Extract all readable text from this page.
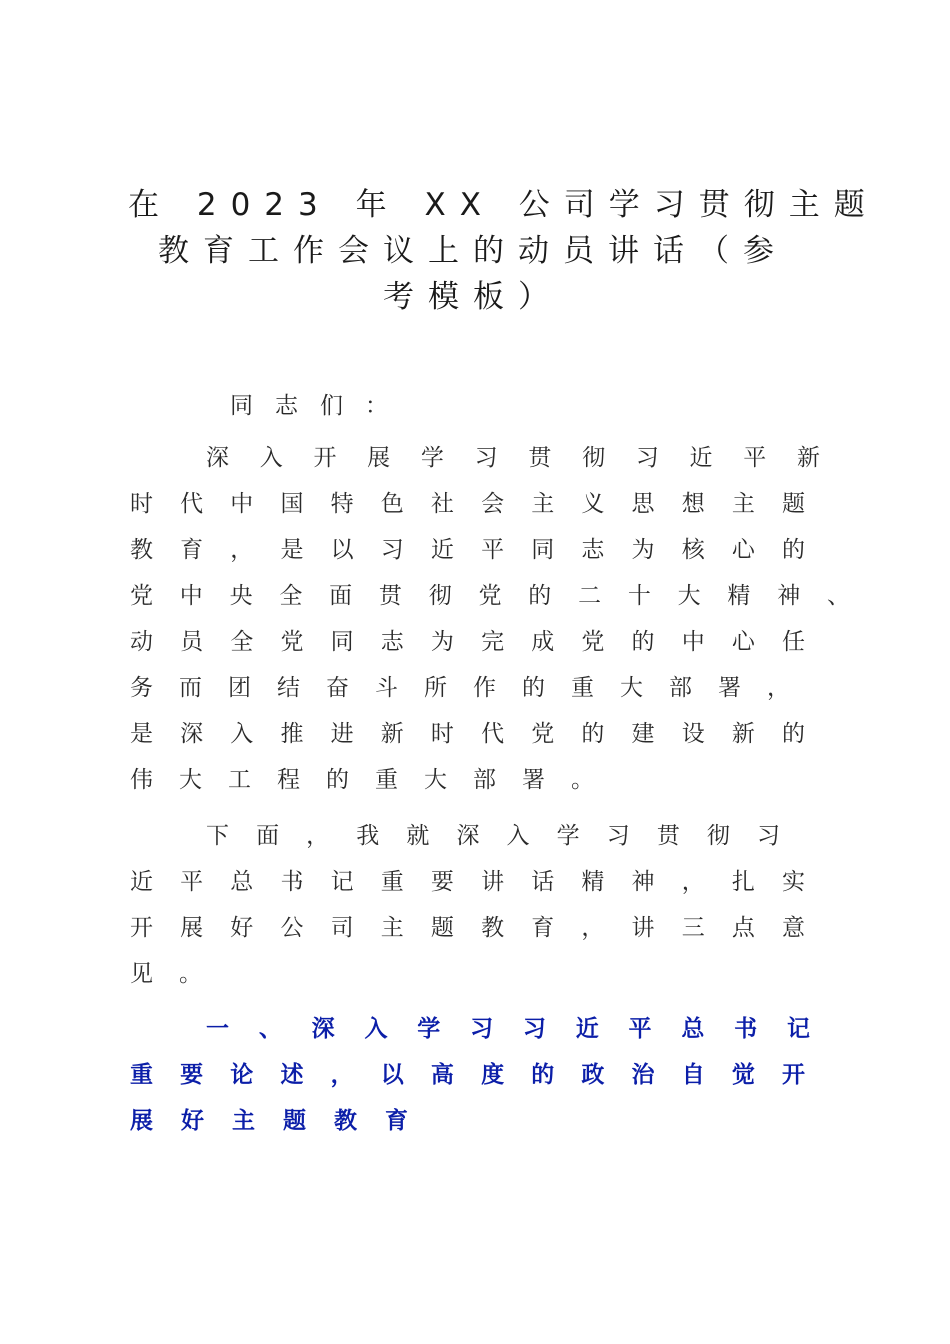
在 2023 年 XX 公司学习贯彻主题
教育工作会议上的动员讲话（参
考模板）
同志们：
深入开展学习贯彻习近平新
时代中国特色社会主义思想主题
教育，是以习近平同志为核心的
党中央全面贯彻党的二十大精神、
动员全党同志为完成党的中心任
务而团结奋斗所作的重大部署，
是深入推进新时代党的建设新的
伟大工程的重大部署。
下面，我就深入学习贯彻习
近平总书记重要讲话精神，扎实
开展好公司主题教育，讲三点意
见。
一、深入学习习近平总书记
重要论述，以高度的政治自觉开
展好主题教育
